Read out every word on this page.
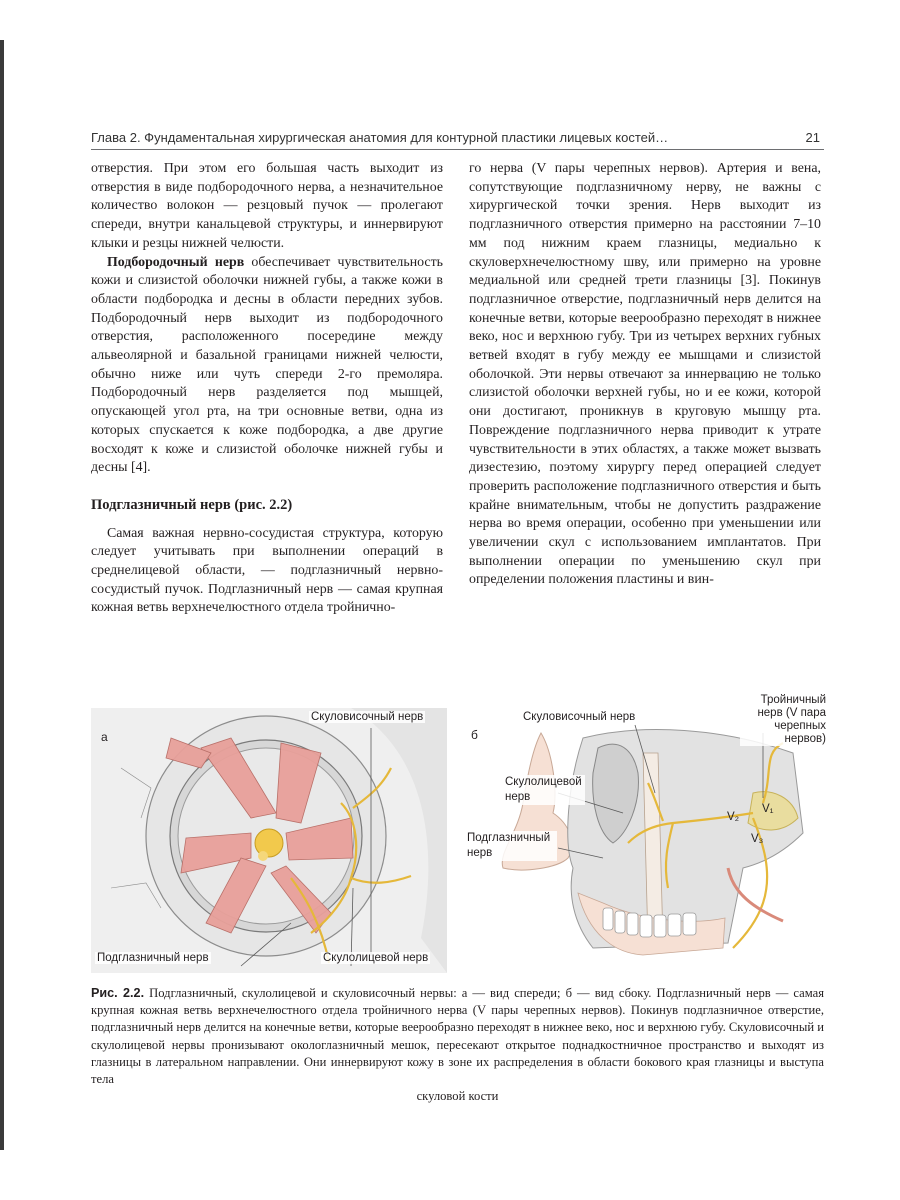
Глава 2. Фундаментальная хирургическая анатомия для контурной пластики лицевых костей…	21

отверстия. При этом его большая часть выходит из отверстия в виде подбородочного нерва, а незначительное количество волокон — резцовый пучок — пролегают спереди, внутри канальцевой структуры, и иннервируют клыки и резцы нижней челюсти.

Подбородочный нерв обеспечивает чувствительность кожи и слизистой оболочки нижней губы, а также кожи в области подбородка и десны в области передних зубов. Подбородочный нерв выходит из подбородочного отверстия, расположенного посередине между альвеолярной и базальной границами нижней челюсти, обычно ниже или чуть спереди 2-го премоляра. Подбородочный нерв разделяется под мышцей, опускающей угол рта, на три основные ветви, одна из которых спускается к коже подбородка, а две другие восходят к коже и слизистой оболочке нижней губы и десны [4].

Подглазничный нерв (рис. 2.2)

Самая важная нервно-сосудистая структура, которую следует учитывать при выполнении операций в среднелицевой области, — подглазничный нервно-сосудистый пучок. Подглазничный нерв — самая крупная кожная ветвь верхнечелюстного отдела тройнично-

го нерва (V пары черепных нервов). Артерия и вена, сопутствующие подглазничному нерву, не важны с хирургической точки зрения. Нерв выходит из подглазничного отверстия примерно на расстоянии 7–10 мм под нижним краем глазницы, медиально к скуловерхнечелюстному шву, или примерно на уровне медиальной или средней трети глазницы [3]. Покинув подглазничное отверстие, подглазничный нерв делится на конечные ветви, которые веерообразно переходят в нижнее веко, нос и верхнюю губу. Три из четырех верхних губных ветвей входят в губу между ее мышцами и слизистой оболочкой. Эти нервы отвечают за иннервацию не только слизистой оболочки верхней губы, но и ее кожи, которой они достигают, проникнув в круговую мышцу рта. Повреждение подглазничного нерва приводит к утрате чувствительности в этих областях, а также может вызвать дизестезию, поэтому хирургу перед операцией следует проверить расположение подглазничного отверстия и быть крайне внимательным, чтобы не допустить раздражение нерва во время операции, особенно при уменьшении или увеличении скул с использованием имплантатов. При выполнении операции по уменьшению скул при определении положения пластины и вин-

а
Скуловисочный нерв
Подглазничный нерв	Скулолицевой нерв
б
Тройничный нерв (V пара черепных нервов)
Скуловисочный нерв
Скулолицевой нерв
Подглазничный нерв
V₁
V₂
V₃
Рис. 2.2. Подглазничный, скулолицевой и скуловисочный нервы: а — вид спереди; б — вид сбоку. Подглазничный нерв — самая крупная кожная ветвь верхнечелюстного отдела тройничного нерва (V пары черепных нервов). Покинув подглазничное отверстие, подглазничный нерв делится на конечные ветви, которые веерообразно переходят в нижнее веко, нос и верхнюю губу. Скуловисочный и скулолицевой нервы пронизывают окологлазничный мешок, пересекают открытое поднадкостничное пространство и выходят из глазницы в латеральном направлении. Они иннервируют кожу в зоне их распределения в области бокового края глазницы и выступа тела
скуловой кости
